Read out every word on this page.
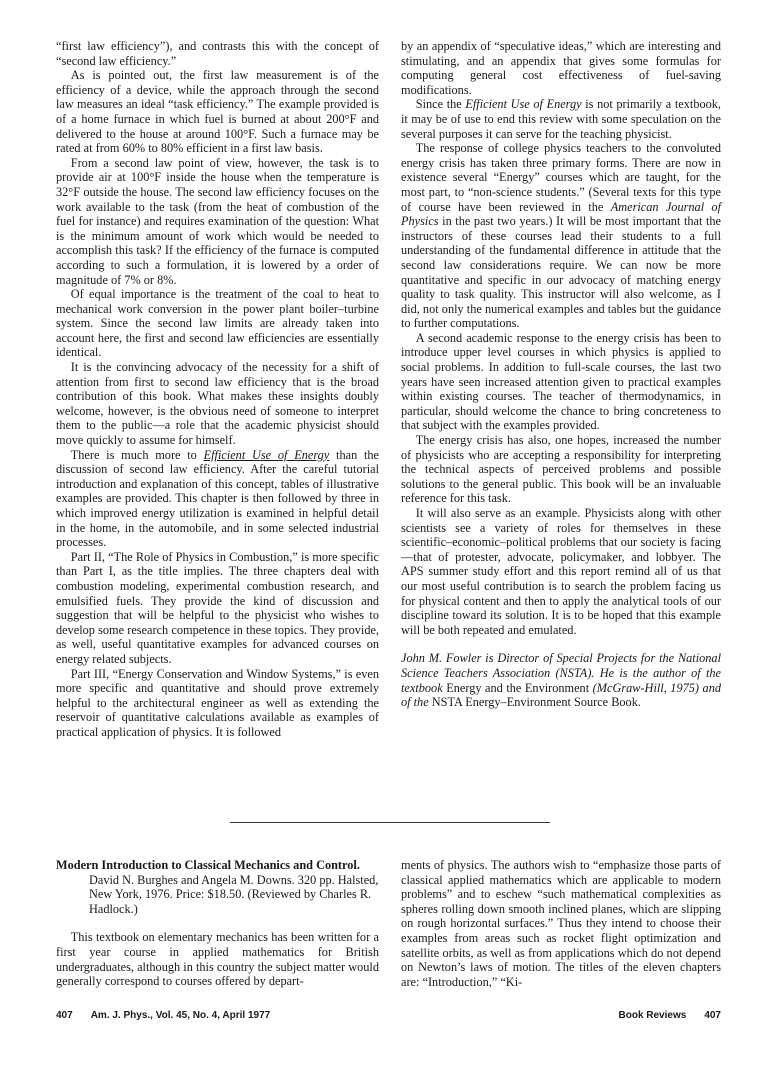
“first law efficiency”), and contrasts this with the concept of “second law efficiency.”

As is pointed out, the first law measurement is of the efficiency of a device, while the approach through the second law measures an ideal “task efficiency.” The example provided is of a home furnace in which fuel is burned at about 200°F and delivered to the house at around 100°F. Such a furnace may be rated at from 60% to 80% efficient in a first law basis.

From a second law point of view, however, the task is to provide air at 100°F inside the house when the temperature is 32°F outside the house. The second law efficiency focuses on the work available to the task (from the heat of combustion of the fuel for instance) and requires examination of the question: What is the minimum amount of work which would be needed to accomplish this task? If the efficiency of the furnace is computed according to such a formulation, it is lowered by a order of magnitude of 7% or 8%.

Of equal importance is the treatment of the coal to heat to mechanical work conversion in the power plant boiler–turbine system. Since the second law limits are already taken into account here, the first and second law efficiencies are essentially identical.

It is the convincing advocacy of the necessity for a shift of attention from first to second law efficiency that is the broad contribution of this book. What makes these insights doubly welcome, however, is the obvious need of someone to interpret them to the public—a role that the academic physicist should move quickly to assume for himself.

There is much more to Efficient Use of Energy than the discussion of second law efficiency. After the careful tutorial introduction and explanation of this concept, tables of illustrative examples are provided. This chapter is then followed by three in which improved energy utilization is examined in helpful detail in the home, in the automobile, and in some selected industrial processes.

Part II, “The Role of Physics in Combustion,” is more specific than Part I, as the title implies. The three chapters deal with combustion modeling, experimental combustion research, and emulsified fuels. They provide the kind of discussion and suggestion that will be helpful to the physicist who wishes to develop some research competence in these topics. They provide, as well, useful quantitative examples for advanced courses on energy related subjects.

Part III, “Energy Conservation and Window Systems,” is even more specific and quantitative and should prove extremely helpful to the architectural engineer as well as extending the reservoir of quantitative calculations available as examples of practical application of physics. It is followed

by an appendix of “speculative ideas,” which are interesting and stimulating, and an appendix that gives some formulas for computing general cost effectiveness of fuel-saving modifications.

Since the Efficient Use of Energy is not primarily a textbook, it may be of use to end this review with some speculation on the several purposes it can serve for the teaching physicist.

The response of college physics teachers to the convoluted energy crisis has taken three primary forms. There are now in existence several “Energy” courses which are taught, for the most part, to “non-science students.” (Several texts for this type of course have been reviewed in the American Journal of Physics in the past two years.) It will be most important that the instructors of these courses lead their students to a full understanding of the fundamental difference in attitude that the second law considerations require. We can now be more quantitative and specific in our advocacy of matching energy quality to task quality. This instructor will also welcome, as I did, not only the numerical examples and tables but the guidance to further computations.

A second academic response to the energy crisis has been to introduce upper level courses in which physics is applied to social problems. In addition to full-scale courses, the last two years have seen increased attention given to practical examples within existing courses. The teacher of thermodynamics, in particular, should welcome the chance to bring concreteness to that subject with the examples provided.

The energy crisis has also, one hopes, increased the number of physicists who are accepting a responsibility for interpreting the technical aspects of perceived problems and possible solutions to the general public. This book will be an invaluable reference for this task.

It will also serve as an example. Physicists along with other scientists see a variety of roles for themselves in these scientific–economic–political problems that our society is facing—that of protester, advocate, policymaker, and lobbyer. The APS summer study effort and this report remind all of us that our most useful contribution is to search the problem facing us for physical content and then to apply the analytical tools of our discipline toward its solution. It is to be hoped that this example will be both repeated and emulated.

John M. Fowler is Director of Special Projects for the National Science Teachers Association (NSTA). He is the author of the textbook Energy and the Environment (McGraw-Hill, 1975) and of the NSTA Energy–Environment Source Book.

Modern Introduction to Classical Mechanics and Control.
David N. Burghes and Angela M. Downs. 320 pp. Halsted, New York, 1976. Price: $18.50. (Reviewed by Charles R. Hadlock.)

This textbook on elementary mechanics has been written for a first year course in applied mathematics for British undergraduates, although in this country the subject matter would generally correspond to courses offered by depart-

ments of physics. The authors wish to “emphasize those parts of classical applied mathematics which are applicable to modern problems” and to eschew “such mathematical complexities as spheres rolling down smooth inclined planes, which are slipping on rough horizontal surfaces.” Thus they intend to choose their examples from areas such as rocket flight optimization and satellite orbits, as well as from applications which do not depend on Newton’s laws of motion. The titles of the eleven chapters are: “Introduction,” “Ki-

407 Am. J. Phys., Vol. 45, No. 4, April 1977	Book Reviews 407
